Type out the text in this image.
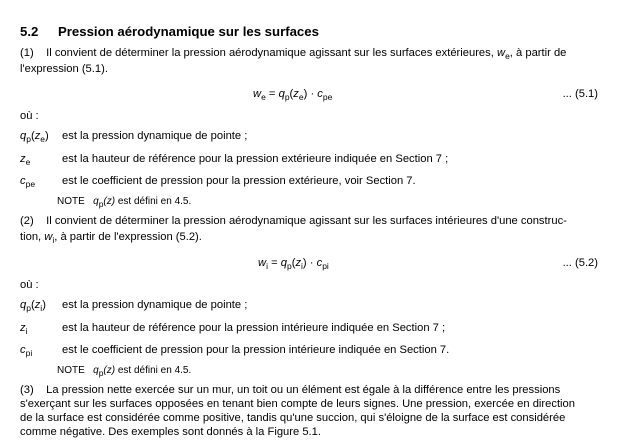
5.2 Pression aérodynamique sur les surfaces
(1) Il convient de déterminer la pression aérodynamique agissant sur les surfaces extérieures, $w_e$, à partir de
l'expression (5.1).
$w_e = q_p(z_e) \cdot c_{pe}$	... (5.1)
où :
$q_p(z_e)$ est la pression dynamique de pointe ;
$z_e$	est la hauteur de référence pour la pression extérieure indiquée en Section 7 ;
$c_{pe}$ est le coefficient de pression pour la pression extérieure, voir Section 7.
NOTE $q_p(z)$ est défini en 4.5.
(2) Il convient de déterminer la pression aérodynamique agissant sur les surfaces intérieures d'une construc-
tion, $w_i$, à partir de l'expression (5.2).
$w_i = q_p(z_i) \cdot c_{pi}$	... (5.2)
où :
$q_p(z_i)$ est la pression dynamique de pointe ;
$z_i$	est la hauteur de référence pour la pression intérieure indiquée en Section 7 ;
$c_{pi}$	est le coefficient de pression pour la pression intérieure indiquée en Section 7.
NOTE $q_p(z)$ est défini en 4.5.
(3) La pression nette exercée sur un mur, un toit ou un élément est égale à la différence entre les pressions
s'exerçant sur les surfaces opposées en tenant bien compte de leurs signes. Une pression, exercée en direction
de la surface est considérée comme positive, tandis qu'une succion, qui s'éloigne de la surface est considérée
comme négative. Des exemples sont donnés à la Figure 5.1.
